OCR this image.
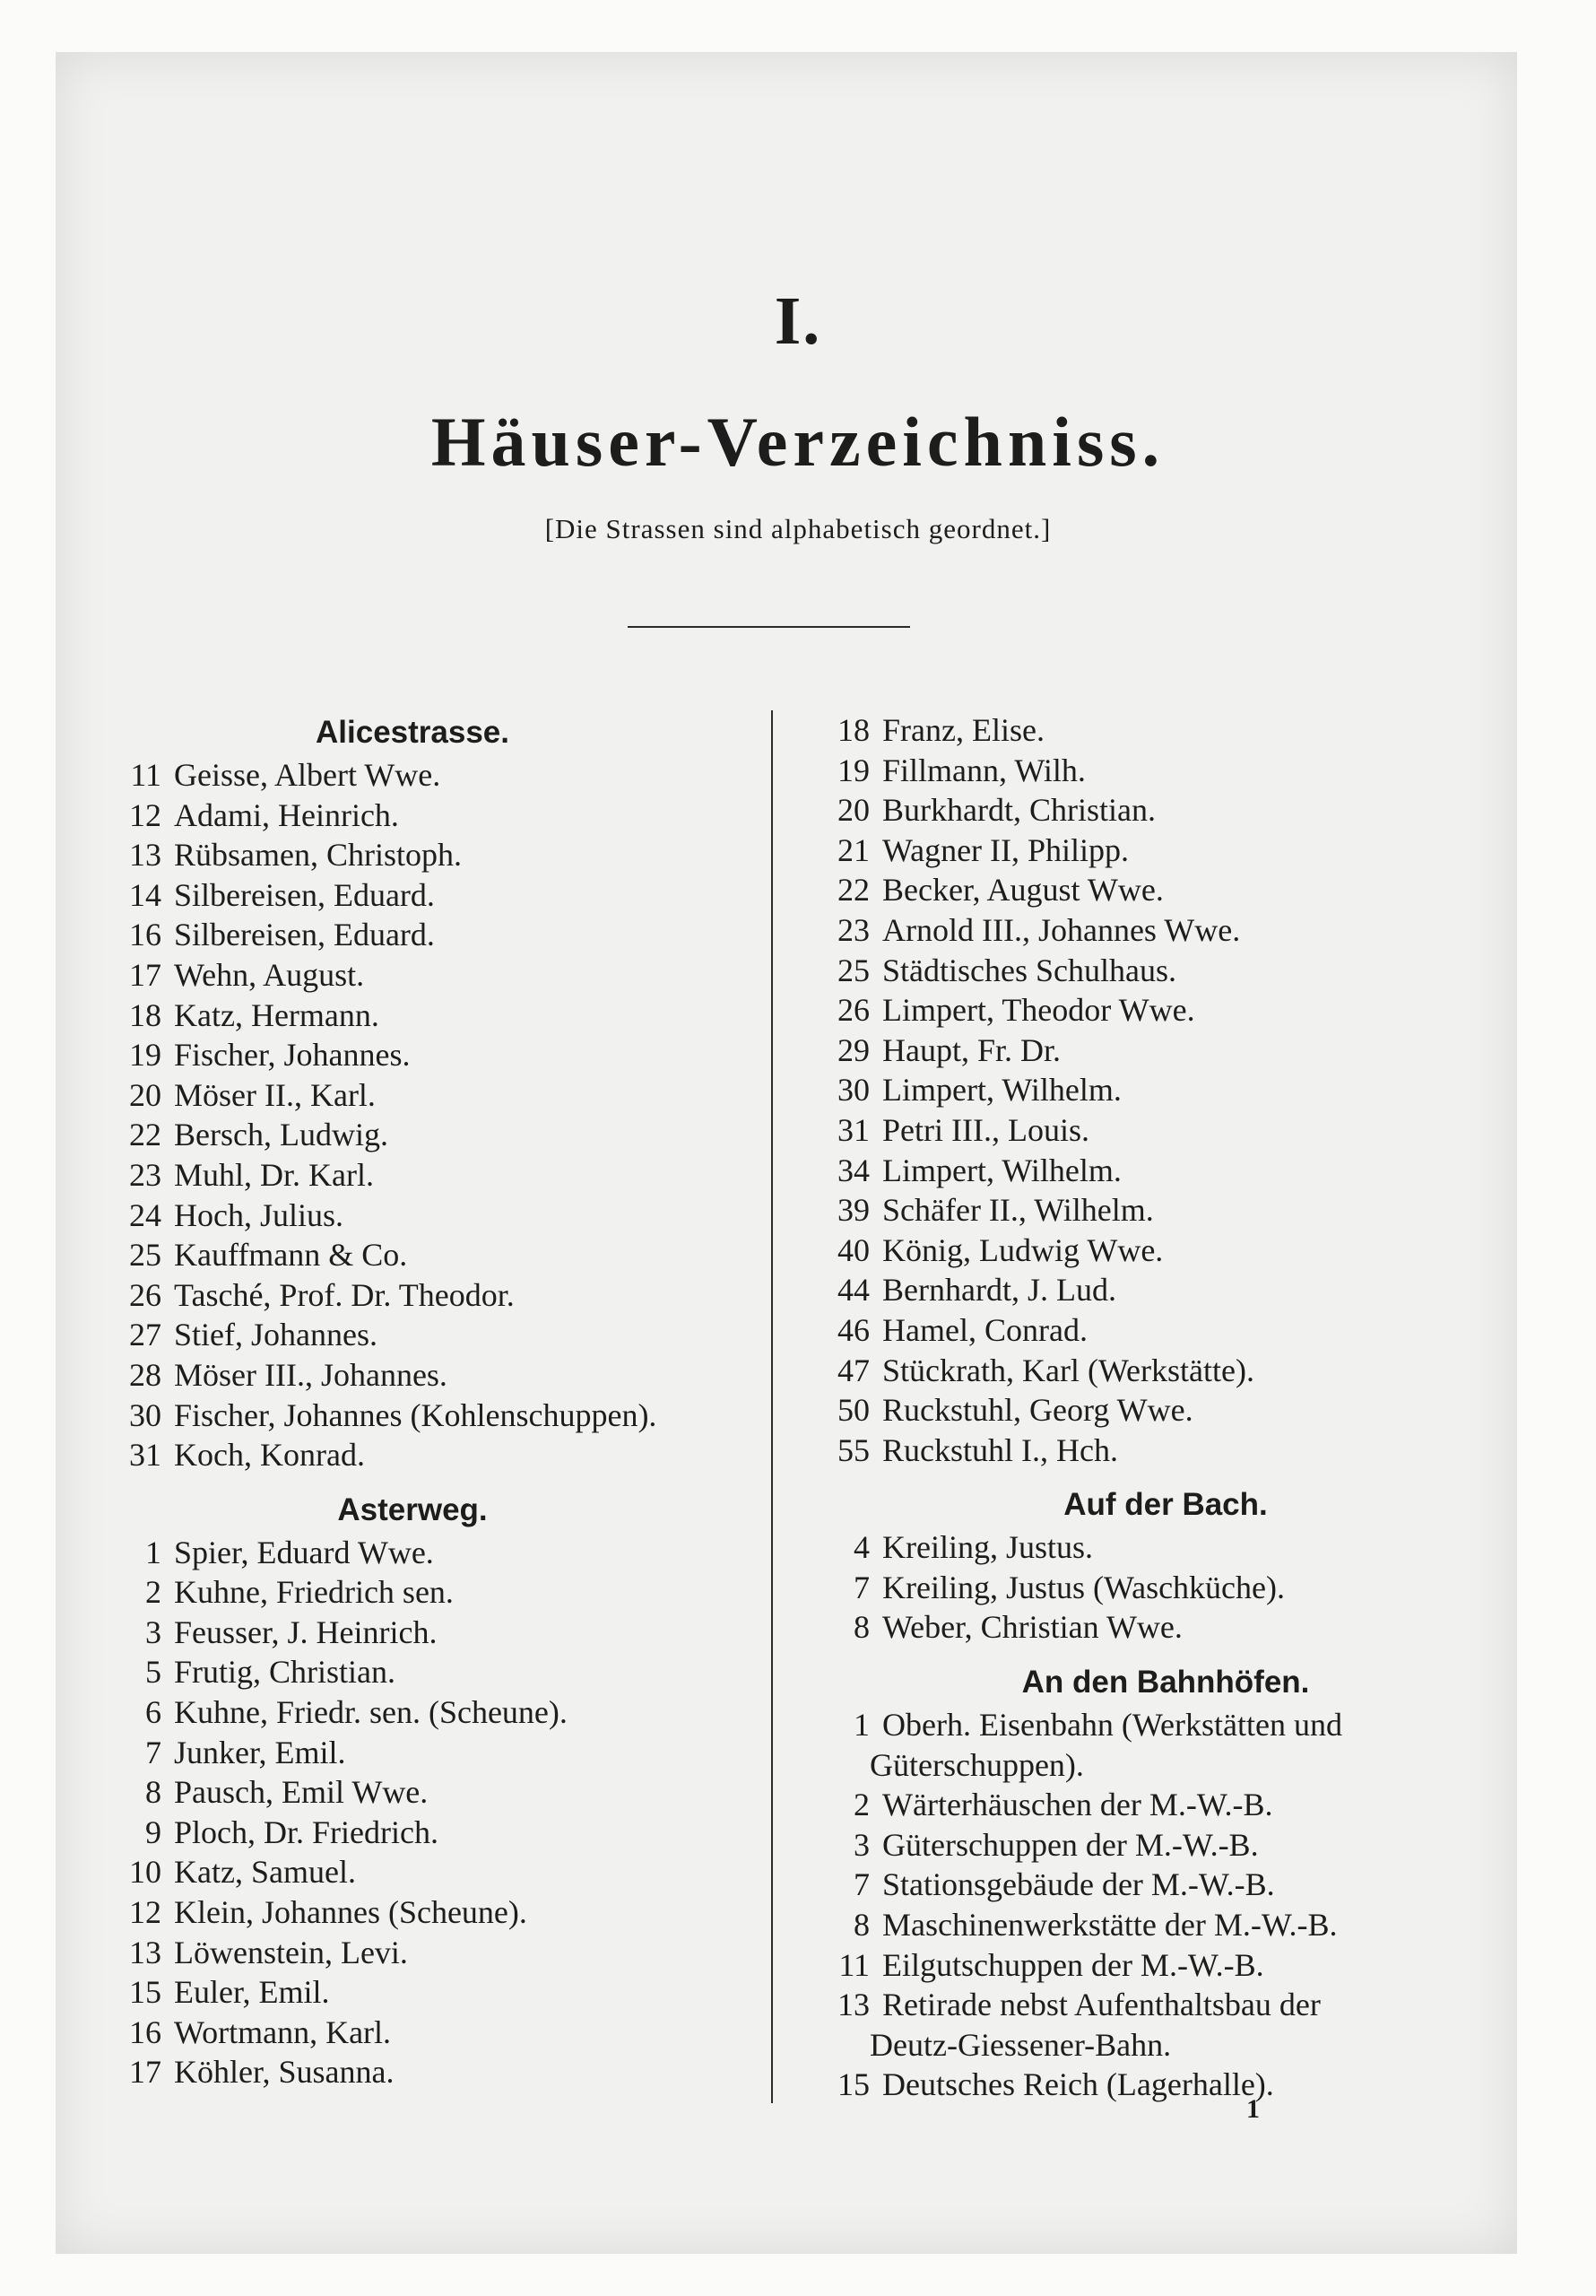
I.
Häuser-Verzeichniss.
[Die Strassen sind alphabetisch geordnet.]
Alicestrasse.
11 Geisse, Albert Wwe.
12 Adami, Heinrich.
13 Rübsamen, Christoph.
14 Silbereisen, Eduard.
16 Silbereisen, Eduard.
17 Wehn, August.
18 Katz, Hermann.
19 Fischer, Johannes.
20 Möser II., Karl.
22 Bersch, Ludwig.
23 Muhl, Dr. Karl.
24 Hoch, Julius.
25 Kauffmann & Co.
26 Tasché, Prof. Dr. Theodor.
27 Stief, Johannes.
28 Möser III., Johannes.
30 Fischer, Johannes (Kohlenschuppen).
31 Koch, Konrad.
Asterweg.
1 Spier, Eduard Wwe.
2 Kuhne, Friedrich sen.
3 Feusser, J. Heinrich.
5 Frutig, Christian.
6 Kuhne, Friedr. sen. (Scheune).
7 Junker, Emil.
8 Pausch, Emil Wwe.
9 Ploch, Dr. Friedrich.
10 Katz, Samuel.
12 Klein, Johannes (Scheune).
13 Löwenstein, Levi.
15 Euler, Emil.
16 Wortmann, Karl.
17 Köhler, Susanna.
18 Franz, Elise.
19 Fillmann, Wilh.
20 Burkhardt, Christian.
21 Wagner II, Philipp.
22 Becker, August Wwe.
23 Arnold III., Johannes Wwe.
25 Städtisches Schulhaus.
26 Limpert, Theodor Wwe.
29 Haupt, Fr. Dr.
30 Limpert, Wilhelm.
31 Petri III., Louis.
34 Limpert, Wilhelm.
39 Schäfer II., Wilhelm.
40 König, Ludwig Wwe.
44 Bernhardt, J. Lud.
46 Hamel, Conrad.
47 Stückrath, Karl (Werkstätte).
50 Ruckstuhl, Georg Wwe.
55 Ruckstuhl I., Hch.
Auf der Bach.
4 Kreiling, Justus.
7 Kreiling, Justus (Waschküche).
8 Weber, Christian Wwe.
An den Bahnhöfen.
1 Oberh. Eisenbahn (Werkstätten und
Güterschuppen).
2 Wärterhäuschen der M.-W.-B.
3 Güterschuppen der M.-W.-B.
7 Stationsgebäude der M.-W.-B.
8 Maschinenwerkstätte der M.-W.-B.
11 Eilgutschuppen der M.-W.-B.
13 Retirade nebst Aufenthaltsbau der
Deutz-Giessener-Bahn.
15 Deutsches Reich (Lagerhalle).
1
